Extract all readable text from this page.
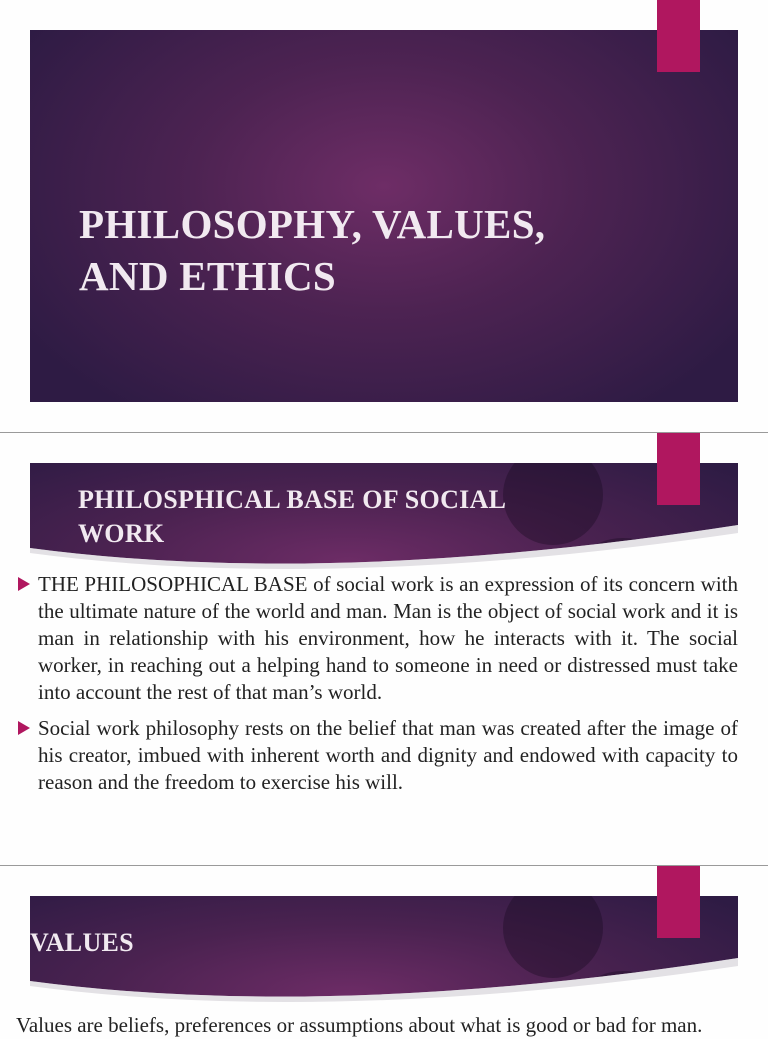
PHILOSOPHY, VALUES,
AND ETHICS
PHILOSPHICAL BASE OF SOCIAL
WORK
THE PHILOSOPHICAL BASE of social work is an expression of its concern with the ultimate nature of the world and man. Man is the object of social work and it is man in relationship with his environment, how he interacts with it. The social worker, in reaching out a helping hand to someone in need or distressed must take into account the rest of that man’s world.
Social work philosophy rests on the belief that man was created after the image of his creator, imbued with inherent worth and dignity and endowed with capacity to reason and the freedom to exercise his will.
VALUES
Values are beliefs, preferences or assumptions about what is good or bad for man.
